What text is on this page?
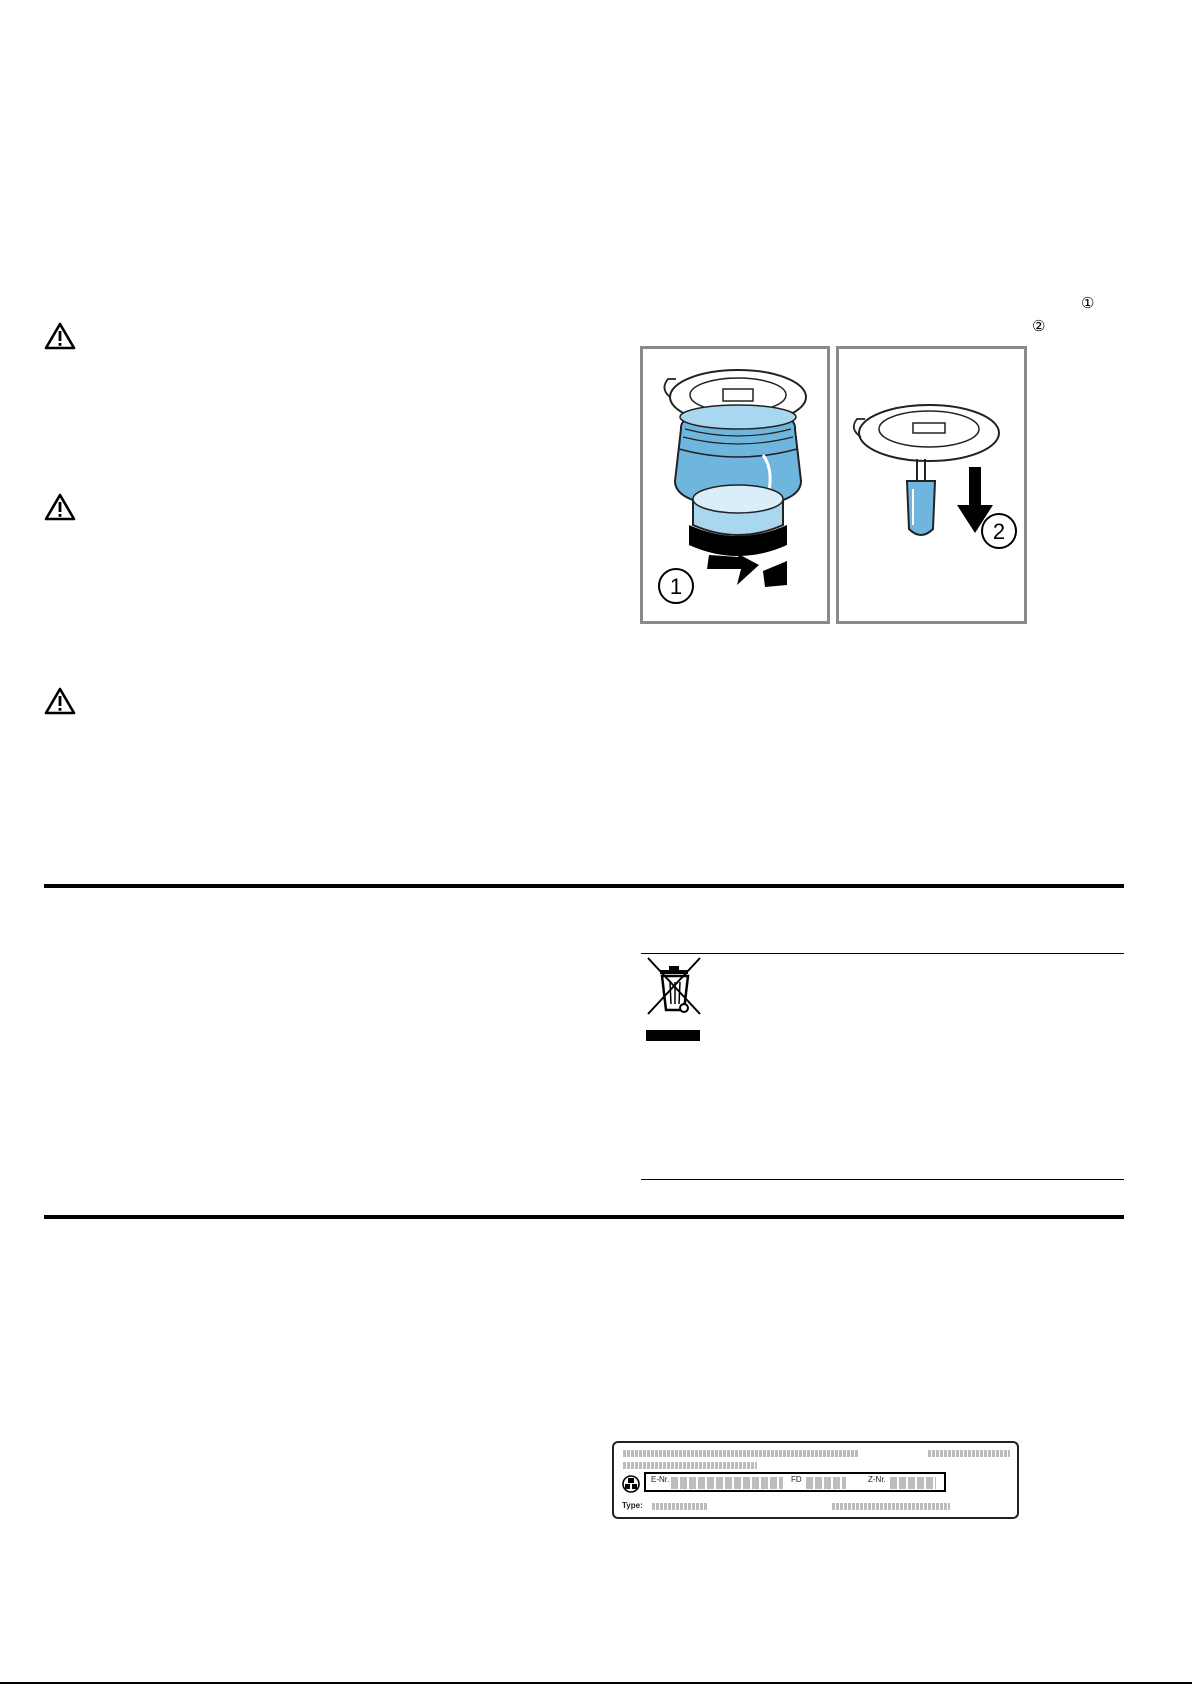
①
②
1
2
E-Nr.	FD	Z-Nr.
Type:
